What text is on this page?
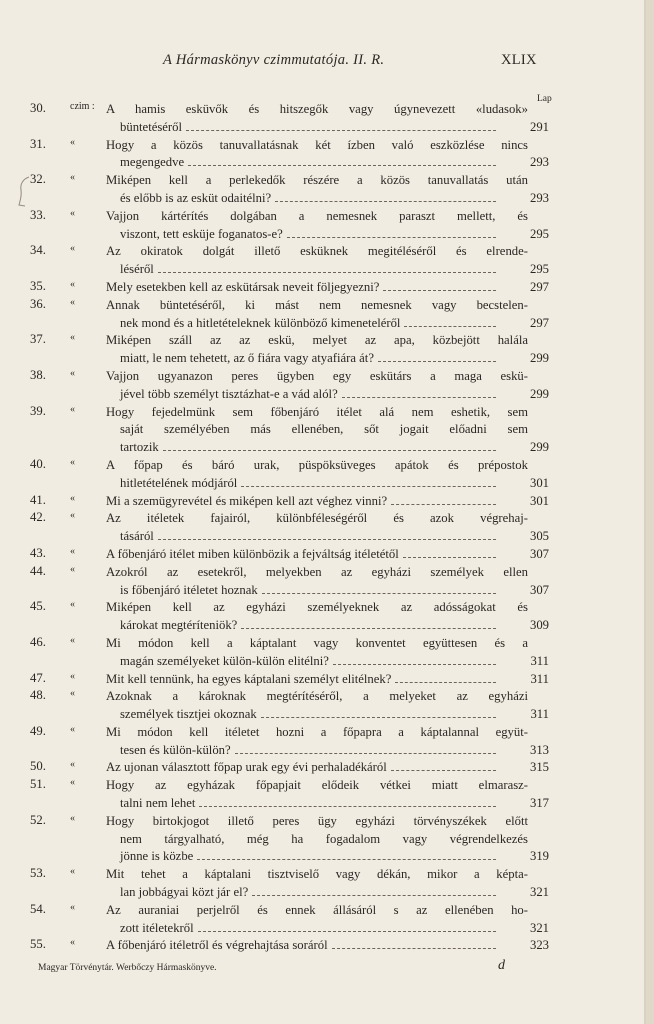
A Hármaskönyv czimmutatója. II. R.	XLIX
Lap
30. czim : A hamis esküvők és hitszegők vagy úgynevezett «ludasok»
büntetéséről	291
31. « Hogy a közös tanuvallatásnak két ízben való eszközlése nincs
megengedve	293
32. « Miképen kell a perlekedők részére a közös tanuvallatás után
és előbb is az esküt odaitélni?	293
33. « Vajjon kártérítés dolgában a nemesnek paraszt mellett, és
viszont, tett esküje foganatos-e?	295
34. « Az okiratok dolgát illető esküknek megitéléséről és elrende-
léséről	295
35. « Mely esetekben kell az eskütársak neveit följegyezni?	297
36. « Annak büntetéséről, ki mást nem nemesnek vagy becstelen-
nek mond és a hitletételeknek különböző kimeneteléről	297
37. « Miképen száll az az eskü, melyet az apa, közbejött halála
miatt, le nem tehetett, az ő fiára vagy atyafiára át?	299
38. « Vajjon ugyanazon peres ügyben egy eskütárs a maga eskü-
jével több személyt tisztázhat-e a vád alól?	299
39. « Hogy fejedelmünk sem főbenjáró itélet alá nem eshetik, sem
saját személyében más ellenében, sőt jogait előadni sem
tartozik	299
40. « A főpap és báró urak, püspöksüveges apátok és prépostok
hitletételének módjáról	301
41. « Mi a szemügyrevétel és miképen kell azt véghez vinni?	301
42. « Az itéletek fajairól, különbféleségéről és azok végrehaj-
tásáról	305
43. « A főbenjáró itélet miben különbözik a fejváltság itéletétől	307
44. « Azokról az esetekről, melyekben az egyházi személyek ellen
is főbenjáró itéletet hoznak	307
45. « Miképen kell az egyházi személyeknek az adósságokat és
károkat megtéríteniök?	309
46. « Mi módon kell a káptalant vagy konventet együttesen és a
magán személyeket külön-külön elitélni?	311
47. « Mit kell tennünk, ha egyes káptalani személyt elitélnek?	311
48. « Azoknak a károknak megtérítéséről, a melyeket az egyházi
személyek tisztjei okoznak	311
49. « Mi módon kell itéletet hozni a főpapra a káptalannal együt-
tesen és külön-külön?	313
50. « Az ujonan választott főpap urak egy évi perhaladékáról	315
51. « Hogy az egyházak főpapjait elődeik vétkei miatt elmarasz-
talni nem lehet	317
52. « Hogy birtokjogot illető peres ügy egyházi törvényszékek előtt
nem tárgyalható, még ha fogadalom vagy végrendelkezés
jönne is közbe	319
53. « Mit tehet a káptalani tisztviselő vagy dékán, mikor a képta-
lan jobbágyai közt jár el?	321
54. « Az auraniai perjelről és ennek állásáról s az ellenében ho-
zott itéletekről	321
55. « A főbenjáró itéletről és végrehajtása soráról	323
Magyar Törvénytár. Werbőczy Hármaskönyve.	d
